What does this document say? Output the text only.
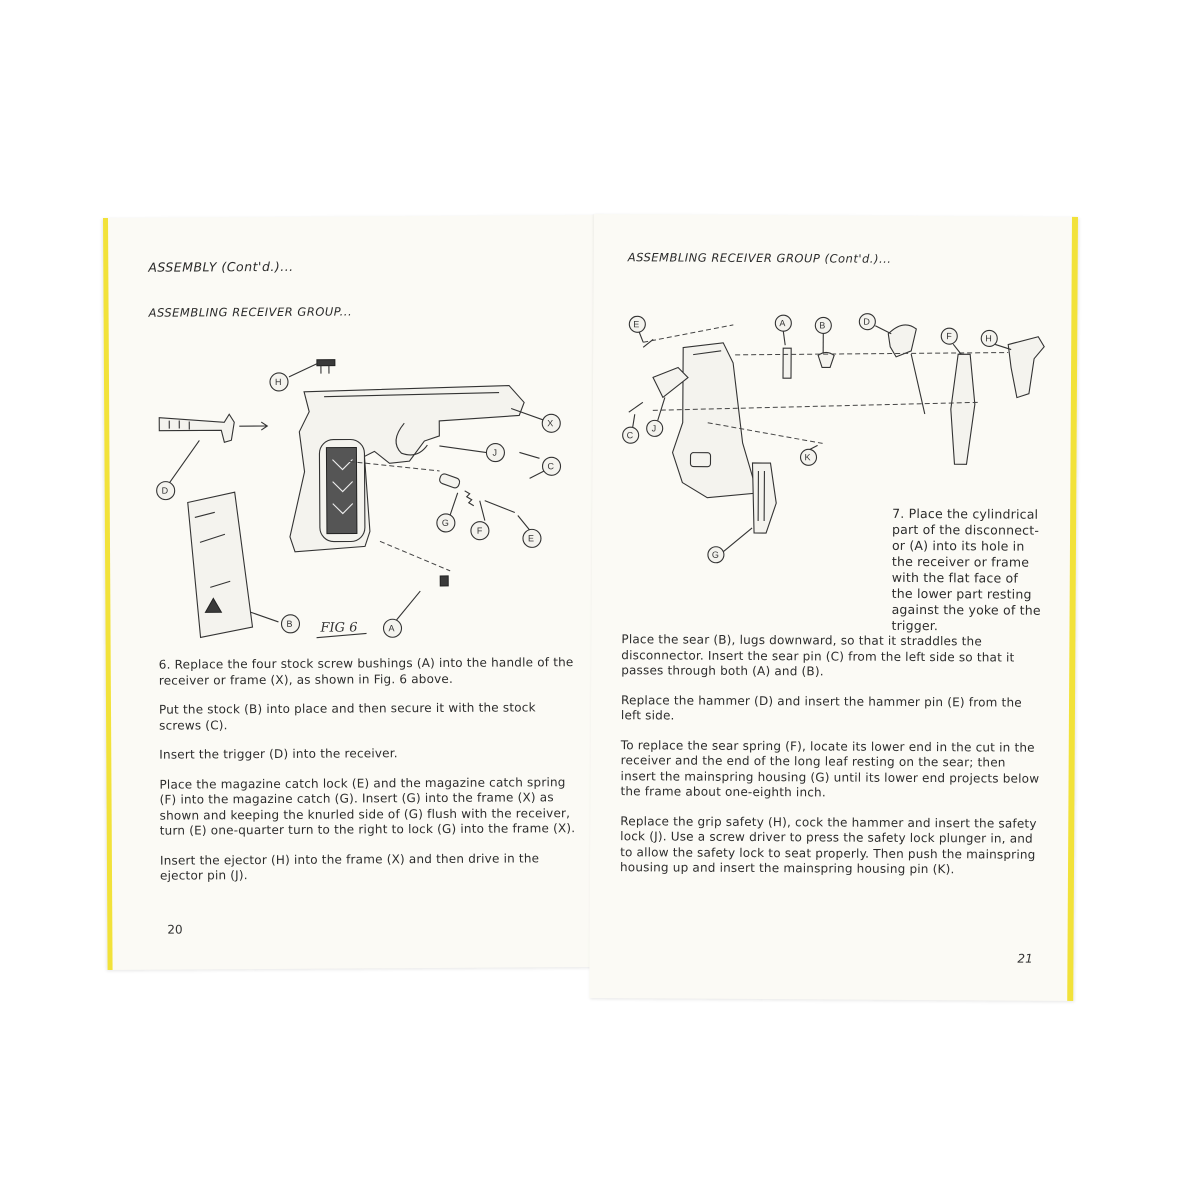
ASSEMBLY (Cont'd.)...

ASSEMBLING RECEIVER GROUP...

H
X
J
C
D
G
F
E
B	A
FIG 6

6. Replace the four stock screw bushings (A) into the handle of the receiver or frame (X), as shown in Fig. 6 above.

Put the stock (B) into place and then secure it with the stock screws (C).

Insert the trigger (D) into the receiver.

Place the magazine catch lock (E) and the magazine catch spring (F) into the magazine catch (G). Insert (G) into the frame (X) as shown and keeping the knurled side of (G) flush with the receiver, turn (E) one-quarter turn to the right to lock (G) into the frame (X).

Insert the ejector (H) into the frame (X) and then drive in the ejector pin (J).

20

ASSEMBLING RECEIVER GROUP (Cont'd.)...

E	A	B	D
F	H
C
J
K
G

7. Place the cylindrical part of the disconnect-or (A) into its hole in the receiver or frame with the flat face of the lower part resting against the yoke of the trigger.

Place the sear (B), lugs downward, so that it straddles the disconnector. Insert the sear pin (C) from the left side so that it passes through both (A) and (B).

Replace the hammer (D) and insert the hammer pin (E) from the left side.

To replace the sear spring (F), locate its lower end in the cut in the receiver and the end of the long leaf resting on the sear; then insert the mainspring housing (G) until its lower end projects below the frame about one-eighth inch.

Replace the grip safety (H), cock the hammer and insert the safety lock (J). Use a screw driver to press the safety lock plunger in, and to allow the safety lock to seat properly. Then push the mainspring housing up and insert the mainspring housing pin (K).

21
